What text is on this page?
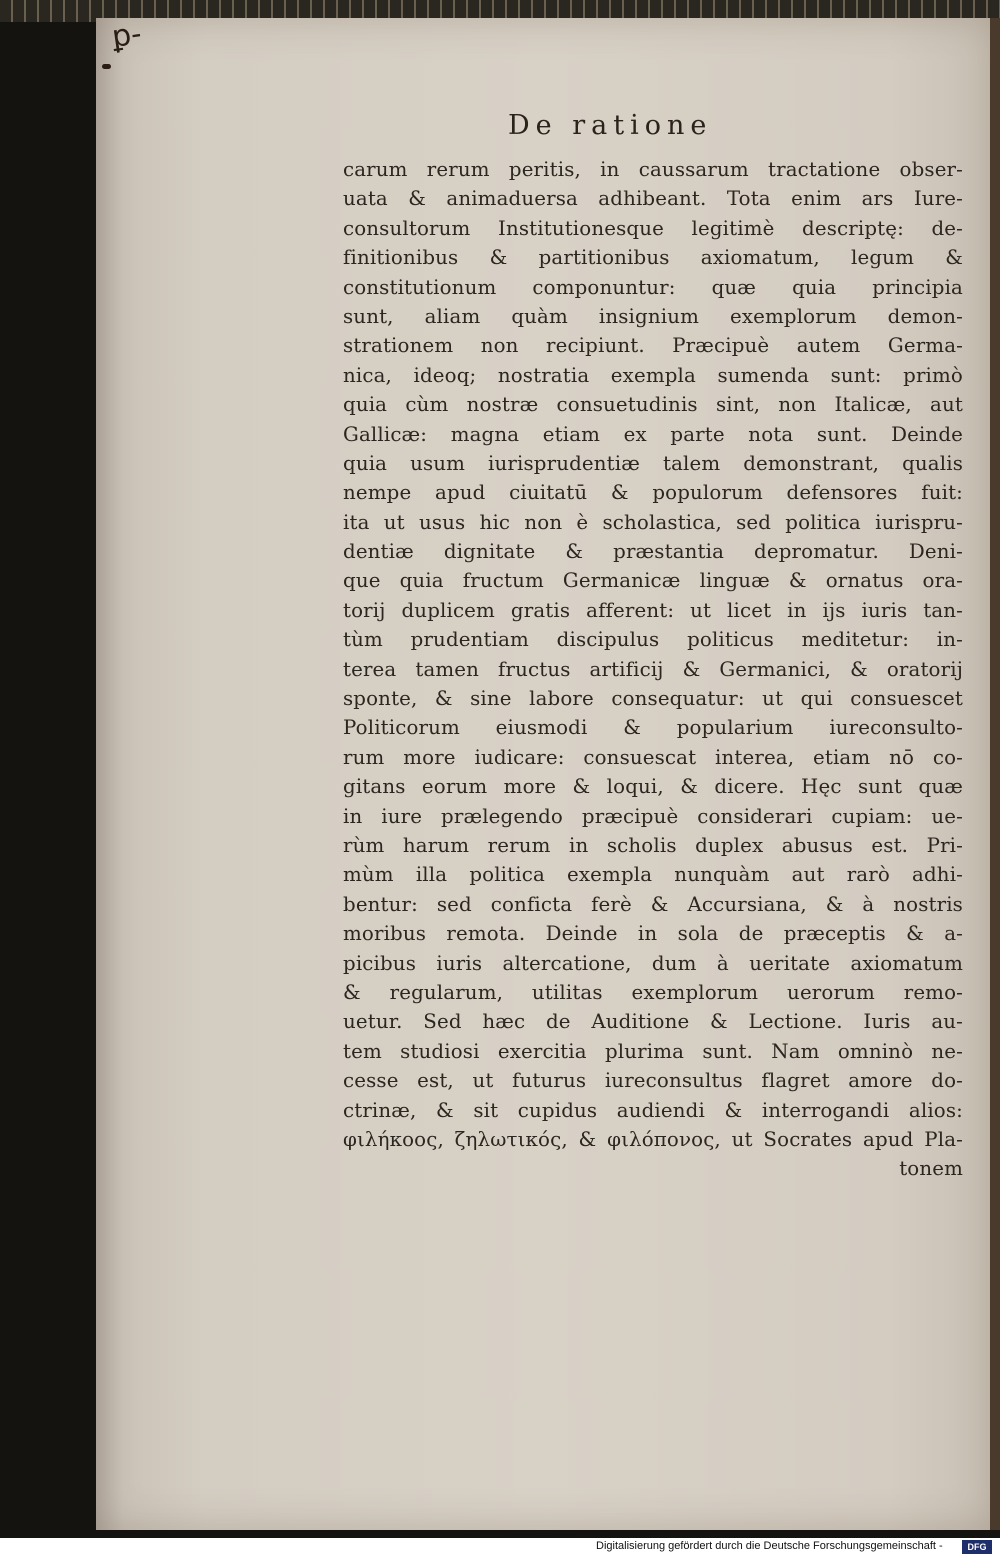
ꝑ-
De ratione
carum rerum peritis, in caussarum tractatione obser-
uata & animaduersa adhibeant. Tota enim ars Iure-
consultorum Institutionesque legitimè descriptę: de-
finitionibus & partitionibus axiomatum, legum &
constitutionum componuntur: quæ quia principia
sunt, aliam quàm insignium exemplorum demon-
strationem non recipiunt. Præcipuè autem Germa-
nica, ideoq; nostratia exempla sumenda sunt: primò
quia cùm nostræ consuetudinis sint, non Italicæ, aut
Gallicæ: magna etiam ex parte nota sunt. Deinde
quia usum iurisprudentiæ talem demonstrant, qualis
nempe apud ciuitatū & populorum defensores fuit:
ita ut usus hic non è scholastica, sed politica iurispru-
dentiæ dignitate & præstantia depromatur. Deni-
que quia fructum Germanicæ linguæ & ornatus ora-
torij duplicem gratis afferent: ut licet in ijs iuris tan-
tùm prudentiam discipulus politicus meditetur: in-
terea tamen fructus artificij & Germanici, & oratorij
sponte, & sine labore consequatur: ut qui consuescet
Politicorum eiusmodi & popularium iureconsulto-
rum more iudicare: consuescat interea, etiam nō co-
gitans eorum more & loqui, & dicere. Hęc sunt quæ
in iure prælegendo præcipuè considerari cupiam: ue-
rùm harum rerum in scholis duplex abusus est. Pri-
mùm illa politica exempla nunquàm aut rarò adhi-
bentur: sed conficta ferè & Accursiana, & à nostris
moribus remota. Deinde in sola de præceptis & a-
picibus iuris altercatione, dum à ueritate axiomatum
& regularum, utilitas exemplorum uerorum remo-
uetur. Sed hæc de Auditione & Lectione. Iuris au-
tem studiosi exercitia plurima sunt. Nam omninò ne-
cesse est, ut futurus iureconsultus flagret amore do-
ctrinæ, & sit cupidus audiendi & interrogandi alios:
φιλήκοος, ζηλωτικός, & φιλόπονος, ut Socrates apud Pla-
tonem
Digitalisierung gefördert durch die Deutsche Forschungsgemeinschaft -	DFG
